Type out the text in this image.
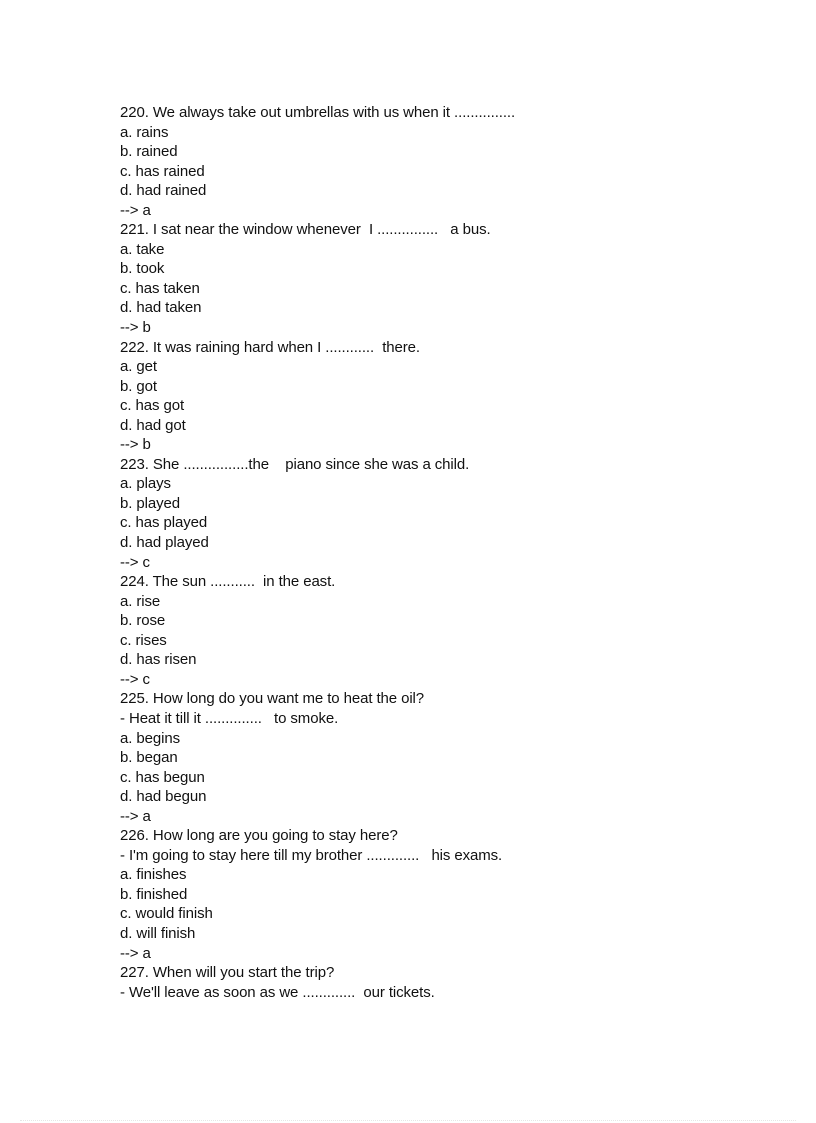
220. We always take out umbrellas with us when it ...............
a. rains
b. rained
c. has rained
d. had rained
--> a
221. I sat near the window whenever  I ...............   a bus.
a. take
b. took
c. has taken
d. had taken
--> b
222. It was raining hard when I ............  there.
a. get
b. got
c. has got
d. had got
--> b
223. She ................the    piano since she was a child.
a. plays
b. played
c. has played
d. had played
--> c
224. The sun ...........  in the east.
a. rise
b. rose
c. rises
d. has risen
--> c
225. How long do you want me to heat the oil?
- Heat it till it ..............   to smoke.
a. begins
b. began
c. has begun
d. had begun
--> a
226. How long are you going to stay here?
- I'm going to stay here till my brother .............   his exams.
a. finishes
b. finished
c. would finish
d. will finish
--> a
227. When will you start the trip?
- We'll leave as soon as we .............  our tickets.
